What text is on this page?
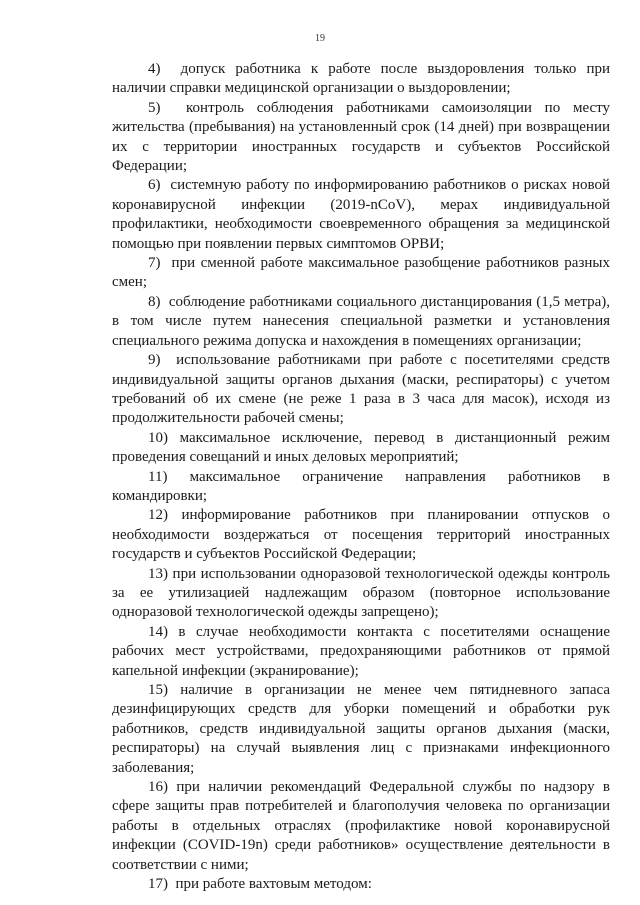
19

4)  допуск работника к работе после выздоровления только при наличии справки медицинской организации о выздоровлении;

5)  контроль соблюдения работниками самоизоляции по месту жительства (пребывания) на установленный срок (14 дней) при возвращении их с территории иностранных государств и субъектов Российской Федерации;

6)  системную работу по информированию работников о рисках новой коронавирусной инфекции (2019-nCoV), мерах индивидуальной профилактики, необходимости своевременного обращения за медицинской помощью при появлении первых симптомов ОРВИ;

7)  при сменной работе максимальное разобщение работников разных смен;

8)  соблюдение работниками социального дистанцирования (1,5 метра), в том числе путем нанесения специальной разметки и установления специального режима допуска и нахождения в помещениях организации;

9)  использование работниками при работе с посетителями средств индивидуальной защиты органов дыхания (маски, респираторы) с учетом требований об их смене (не реже 1 раза в 3 часа для масок), исходя из продолжительности рабочей смены;

10) максимальное исключение, перевод в дистанционный режим проведения совещаний и иных деловых мероприятий;

11) максимальное ограничение направления работников в командировки;

12) информирование работников при планировании отпусков о необходимости воздержаться от посещения территорий иностранных государств и субъектов Российской Федерации;

13) при использовании одноразовой технологической одежды контроль за ее утилизацией надлежащим образом (повторное использование одноразовой технологической одежды запрещено);

14) в случае необходимости контакта с посетителями оснащение рабочих мест устройствами, предохраняющими работников от прямой капельной инфекции (экранирование);

15) наличие в организации не менее чем пятидневного запаса дезинфицирующих средств для уборки помещений и обработки рук работников, средств индивидуальной защиты органов дыхания (маски, респираторы) на случай выявления лиц с признаками инфекционного заболевания;

16) при наличии рекомендаций Федеральной службы по надзору в сфере защиты прав потребителей и благополучия человека по организации работы в отдельных отраслях (профилактике новой коронавирусной инфекции (COVID-19n) среди работников» осуществление деятельности в соответствии с ними;

17)  при работе вахтовым методом:
